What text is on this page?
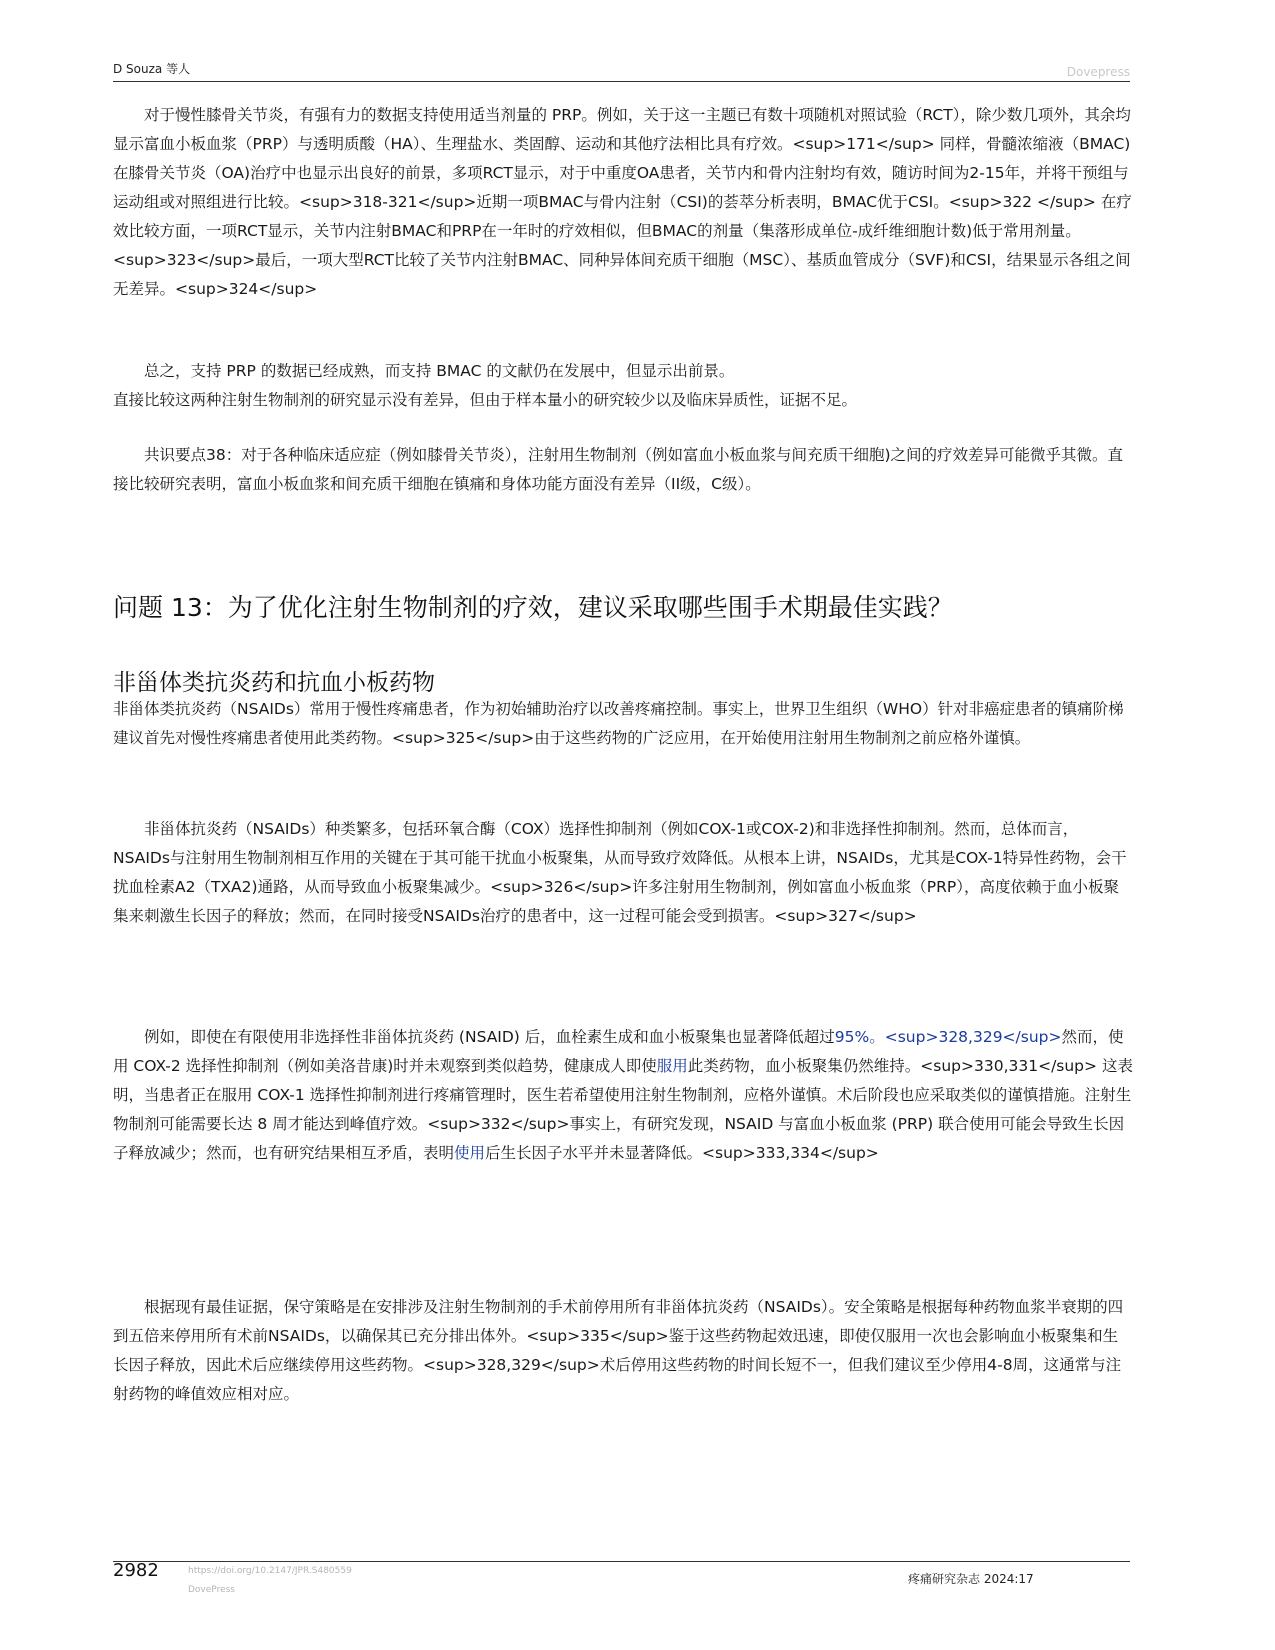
D Souza 等人	Dovepress

对于慢性膝骨关节炎，有强有力的数据支持使用适当剂量的 PRP。例如，关于这一主题已有数十项随机对照试验（RCT），除少数几项外，其余均显示富血小板血浆（PRP）与透明质酸（HA）、生理盐水、类固醇、运动和其他疗法相比具有疗效。<sup>171</sup> 同样，骨髓浓缩液（BMAC)在膝骨关节炎（OA)治疗中也显示出良好的前景，多项RCT显示，对于中重度OA患者，关节内和骨内注射均有效，随访时间为2-15年，并将干预组与运动组或对照组进行比较。<sup>318-321</sup>近期一项BMAC与骨内注射（CSI)的荟萃分析表明，BMAC优于CSI。<sup>322 </sup> 在疗效比较方面，一项RCT显示，关节内注射BMAC和PRP在一年时的疗效相似，但BMAC的剂量（集落形成单位-成纤维细胞计数)低于常用剂量。<sup>323</sup>最后，一项大型RCT比较了关节内注射BMAC、同种异体间充质干细胞（MSC）、基质血管成分（SVF)和CSI，结果显示各组之间无差异。<sup>324</sup>

总之，支持 PRP 的数据已经成熟，而支持 BMAC 的文献仍在发展中，但显示出前景。

直接比较这两种注射生物制剂的研究显示没有差异，但由于样本量小的研究较少以及临床异质性，证据不足。

共识要点38：对于各种临床适应症（例如膝骨关节炎），注射用生物制剂（例如富血小板血浆与间充质干细胞)之间的疗效差异可能微乎其微。直接比较研究表明，富血小板血浆和间充质干细胞在镇痛和身体功能方面没有差异（II级，C级）。

问题 13：为了优化注射生物制剂的疗效，建议采取哪些围手术期最佳实践？
非甾体类抗炎药和抗血小板药物

非甾体类抗炎药（NSAIDs）常用于慢性疼痛患者，作为初始辅助治疗以改善疼痛控制。事实上，世界卫生组织（WHO）针对非癌症患者的镇痛阶梯建议首先对慢性疼痛患者使用此类药物。<sup>325</sup>由于这些药物的广泛应用，在开始使用注射用生物制剂之前应格外谨慎。

非甾体抗炎药（NSAIDs）种类繁多，包括环氧合酶（COX）选择性抑制剂（例如COX-1或COX-2)和非选择性抑制剂。然而，总体而言，NSAIDs与注射用生物制剂相互作用的关键在于其可能干扰血小板聚集，从而导致疗效降低。从根本上讲，NSAIDs，尤其是COX-1特异性药物，会干扰血栓素A2（TXA2)通路，从而导致血小板聚集减少。<sup>326</sup>许多注射用生物制剂，例如富血小板血浆（PRP），高度依赖于血小板聚集来刺激生长因子的释放；然而，在同时接受NSAIDs治疗的患者中，这一过程可能会受到损害。<sup>327</sup>

例如，即使在有限使用非选择性非甾体抗炎药 (NSAID) 后，血栓素生成和血小板聚集也显著降低超过95%。<sup>328,329</sup>然而，使用 COX-2 选择性抑制剂（例如美洛昔康)时并未观察到类似趋势，健康成人即使服用此类药物，血小板聚集仍然维持。<sup>330,331</sup> 这表明，当患者正在服用 COX-1 选择性抑制剂进行疼痛管理时，医生若希望使用注射生物制剂，应格外谨慎。术后阶段也应采取类似的谨慎措施。注射生物制剂可能需要长达 8 周才能达到峰值疗效。<sup>332</sup>事实上，有研究发现，NSAID 与富血小板血浆 (PRP) 联合使用可能会导致生长因子释放减少；然而，也有研究结果相互矛盾，表明使用后生长因子水平并未显著降低。<sup>333,334</sup>

根据现有最佳证据，保守策略是在安排涉及注射生物制剂的手术前停用所有非甾体抗炎药（NSAIDs）。安全策略是根据每种药物血浆半衰期的四到五倍来停用所有术前NSAIDs，以确保其已充分排出体外。<sup>335</sup>鉴于这些药物起效迅速，即使仅服用一次也会影响血小板聚集和生长因子释放，因此术后应继续停用这些药物。<sup>328,329</sup>术后停用这些药物的时间长短不一，但我们建议至少停用4-8周，这通常与注射药物的峰值效应相对应。

2982	https://doi.org/10.2147/JPR.S480559
DovePress
疼痛研究杂志 2024:17
